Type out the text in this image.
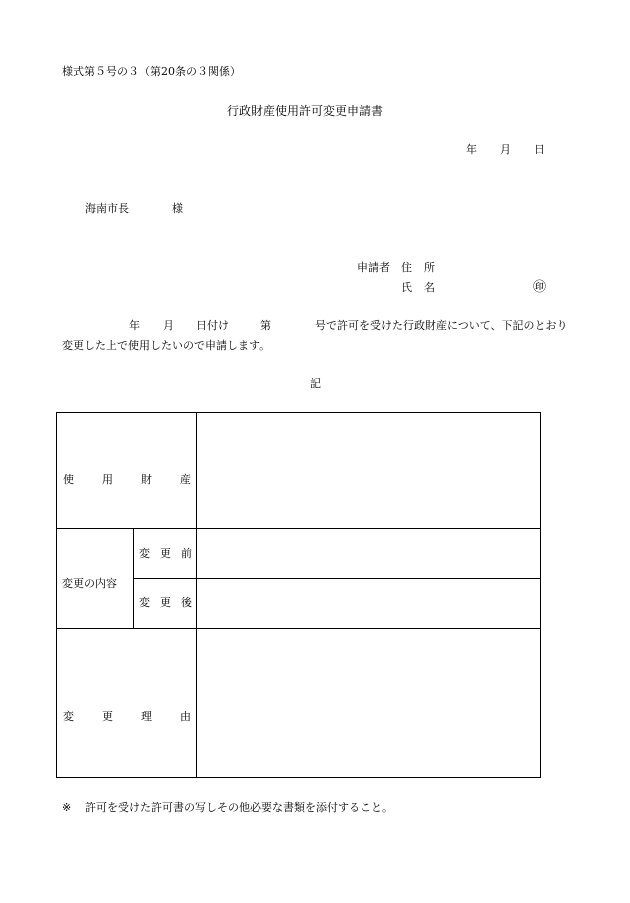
様式第５号の３（第20条の３関係）
行政財産使用許可変更申請書
年 月 日
海南市長	様
申請者 住 所
氏 名	㊞
年 月 日付け	第	号で許可を受けた行政財産について、下記のとおり
変更した上で使用したいので申請します。
記
使	用	財	産
変更の内容
変 更 前
変 更 後
変	更	理	由
※ 許可を受けた許可書の写しその他必要な書類を添付すること。
